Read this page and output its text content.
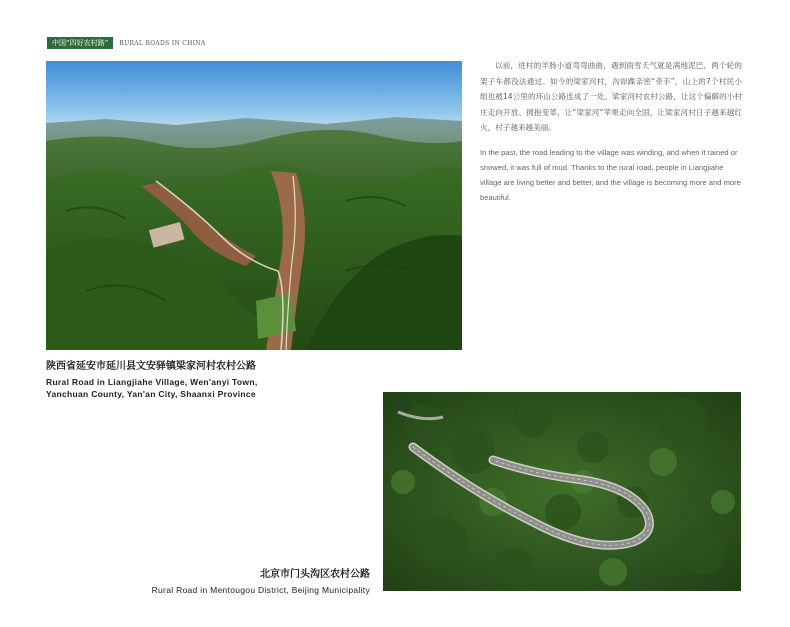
中国“四好农村路”	RURAL ROADS IN CHINA
陕西省延安市延川县文安驿镇梁家河村农村公路
Rural Road in Liangjiahe Village, Wen'anyi Town,
Yanchuan County, Yan'an City, Shaanxi Province

以前，进村的羊肠小道弯弯曲曲，遇到雨雪天气就是满地泥巴，两个轮的架子车都没法通过。如今的梁家河村，沟峁蹀亲密“牵手”，山上的7个村民小组也被14公里的环山公路连成了一处。梁家河村农村公路，让这个偏僻的小村庄走向开放、拥抱变革，让“梁家河”苹果走向全国，让梁家河村日子越来越红火，村子越来越美丽。

In the past, the road leading to the village was winding, and when it rained or snowed, it was full of mud. Thanks to the rural road, people in Liangjiahe village are living better and better, and the village is becoming more and more beautiful.

北京市门头沟区农村公路
Rural Road in Mentougou District, Beijing Municipality
